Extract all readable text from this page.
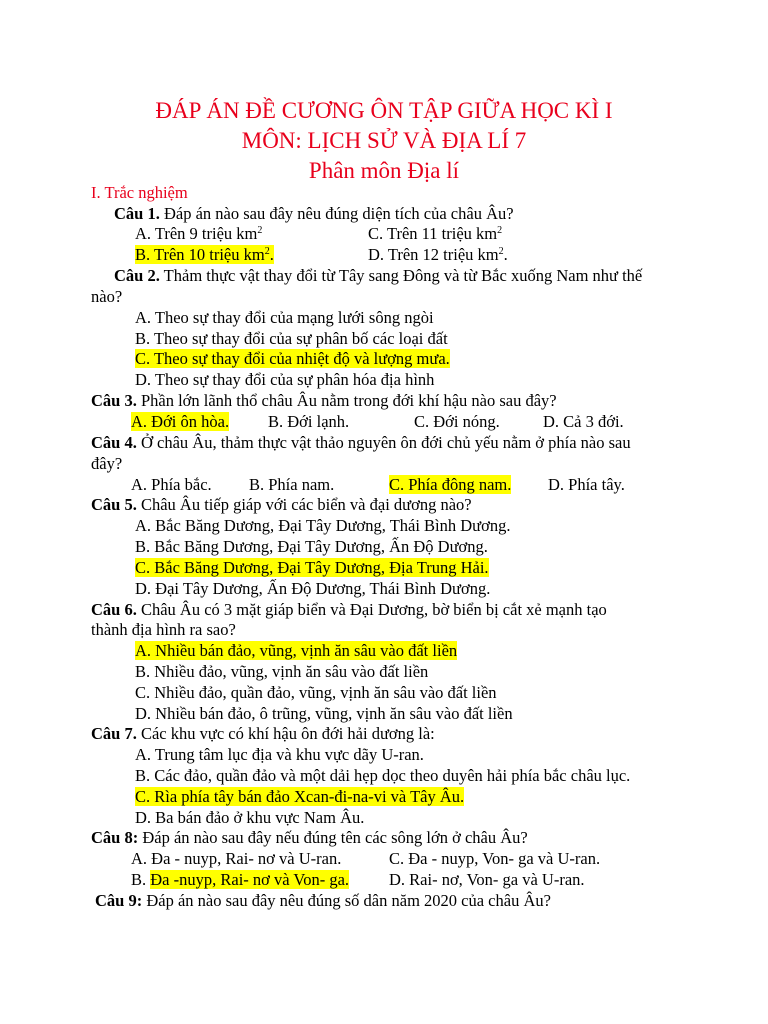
ĐÁP ÁN ĐỀ CƯƠNG ÔN TẬP GIỮA HỌC KÌ I
MÔN: LỊCH SỬ VÀ ĐỊA LÍ 7
Phân môn Địa lí
I. Trắc nghiệm
Câu 1. Đáp án nào sau đây nêu đúng diện tích của châu Âu?
A. Trên 9 triệu $km^2$	C. Trên 11 triệu $km^2$
B. Trên 10 triệu $km^2$.	D. Trên 12 triệu $km^2$.
Câu 2. Thảm thực vật thay đổi từ Tây sang Đông và từ Bắc xuống Nam như thế
nào?
A. Theo sự thay đổi của mạng lưới sông ngòi
B. Theo sự thay đổi của sự phân bố các loại đất
C. Theo sự thay đổi của nhiệt độ và lượng mưa.
D. Theo sự thay đổi của sự phân hóa địa hình
Câu 3. Phần lớn lãnh thổ châu Âu nằm trong đới khí hậu nào sau đây?
A. Đới ôn hòa. B. Đới lạnh.	C. Đới nóng.	D. Cả 3 đới.
Câu 4. Ở châu Âu, thảm thực vật thảo nguyên ôn đới chủ yếu nằm ở phía nào sau
đây?
A. Phía bắc. B. Phía nam.	C. Phía đông nam. D. Phía tây.
Câu 5. Châu Âu tiếp giáp với các biển và đại dương nào?
A. Bắc Băng Dương, Đại Tây Dương, Thái Bình Dương.
B. Bắc Băng Dương, Đại Tây Dương, Ấn Độ Dương.
C. Bắc Băng Dương, Đại Tây Dương, Địa Trung Hải.
D. Đại Tây Dương, Ấn Độ Dương, Thái Bình Dương.
Câu 6. Châu Âu có 3 mặt giáp biển và Đại Dương, bờ biển bị cắt xẻ mạnh tạo
thành địa hình ra sao?
A. Nhiều bán đảo, vũng, vịnh ăn sâu vào đất liền
B. Nhiều đảo, vũng, vịnh ăn sâu vào đất liền
C. Nhiều đảo, quần đảo, vũng, vịnh ăn sâu vào đất liền
D. Nhiều bán đảo, ô trũng, vũng, vịnh ăn sâu vào đất liền
Câu 7. Các khu vực có khí hậu ôn đới hải dương là:
A. Trung tâm lục địa và khu vực dãy U-ran.
B. Các đảo, quần đảo và một dải hẹp dọc theo duyên hải phía bắc châu lục.
C. Rìa phía tây bán đảo Xcan-đi-na-vi và Tây Âu.
D. Ba bán đảo ở khu vực Nam Âu.
Câu 8: Đáp án nào sau đây nếu đúng tên các sông lớn ở châu Âu?
A. Đa - nuyp, Rai- nơ và U-ran.	C. Đa - nuyp, Von- ga và U-ran.
B. Đa -nuyp, Rai- nơ và Von- ga. D. Rai- nơ, Von- ga và U-ran.
Câu 9: Đáp án nào sau đây nêu đúng số dân năm 2020 của châu Âu?
